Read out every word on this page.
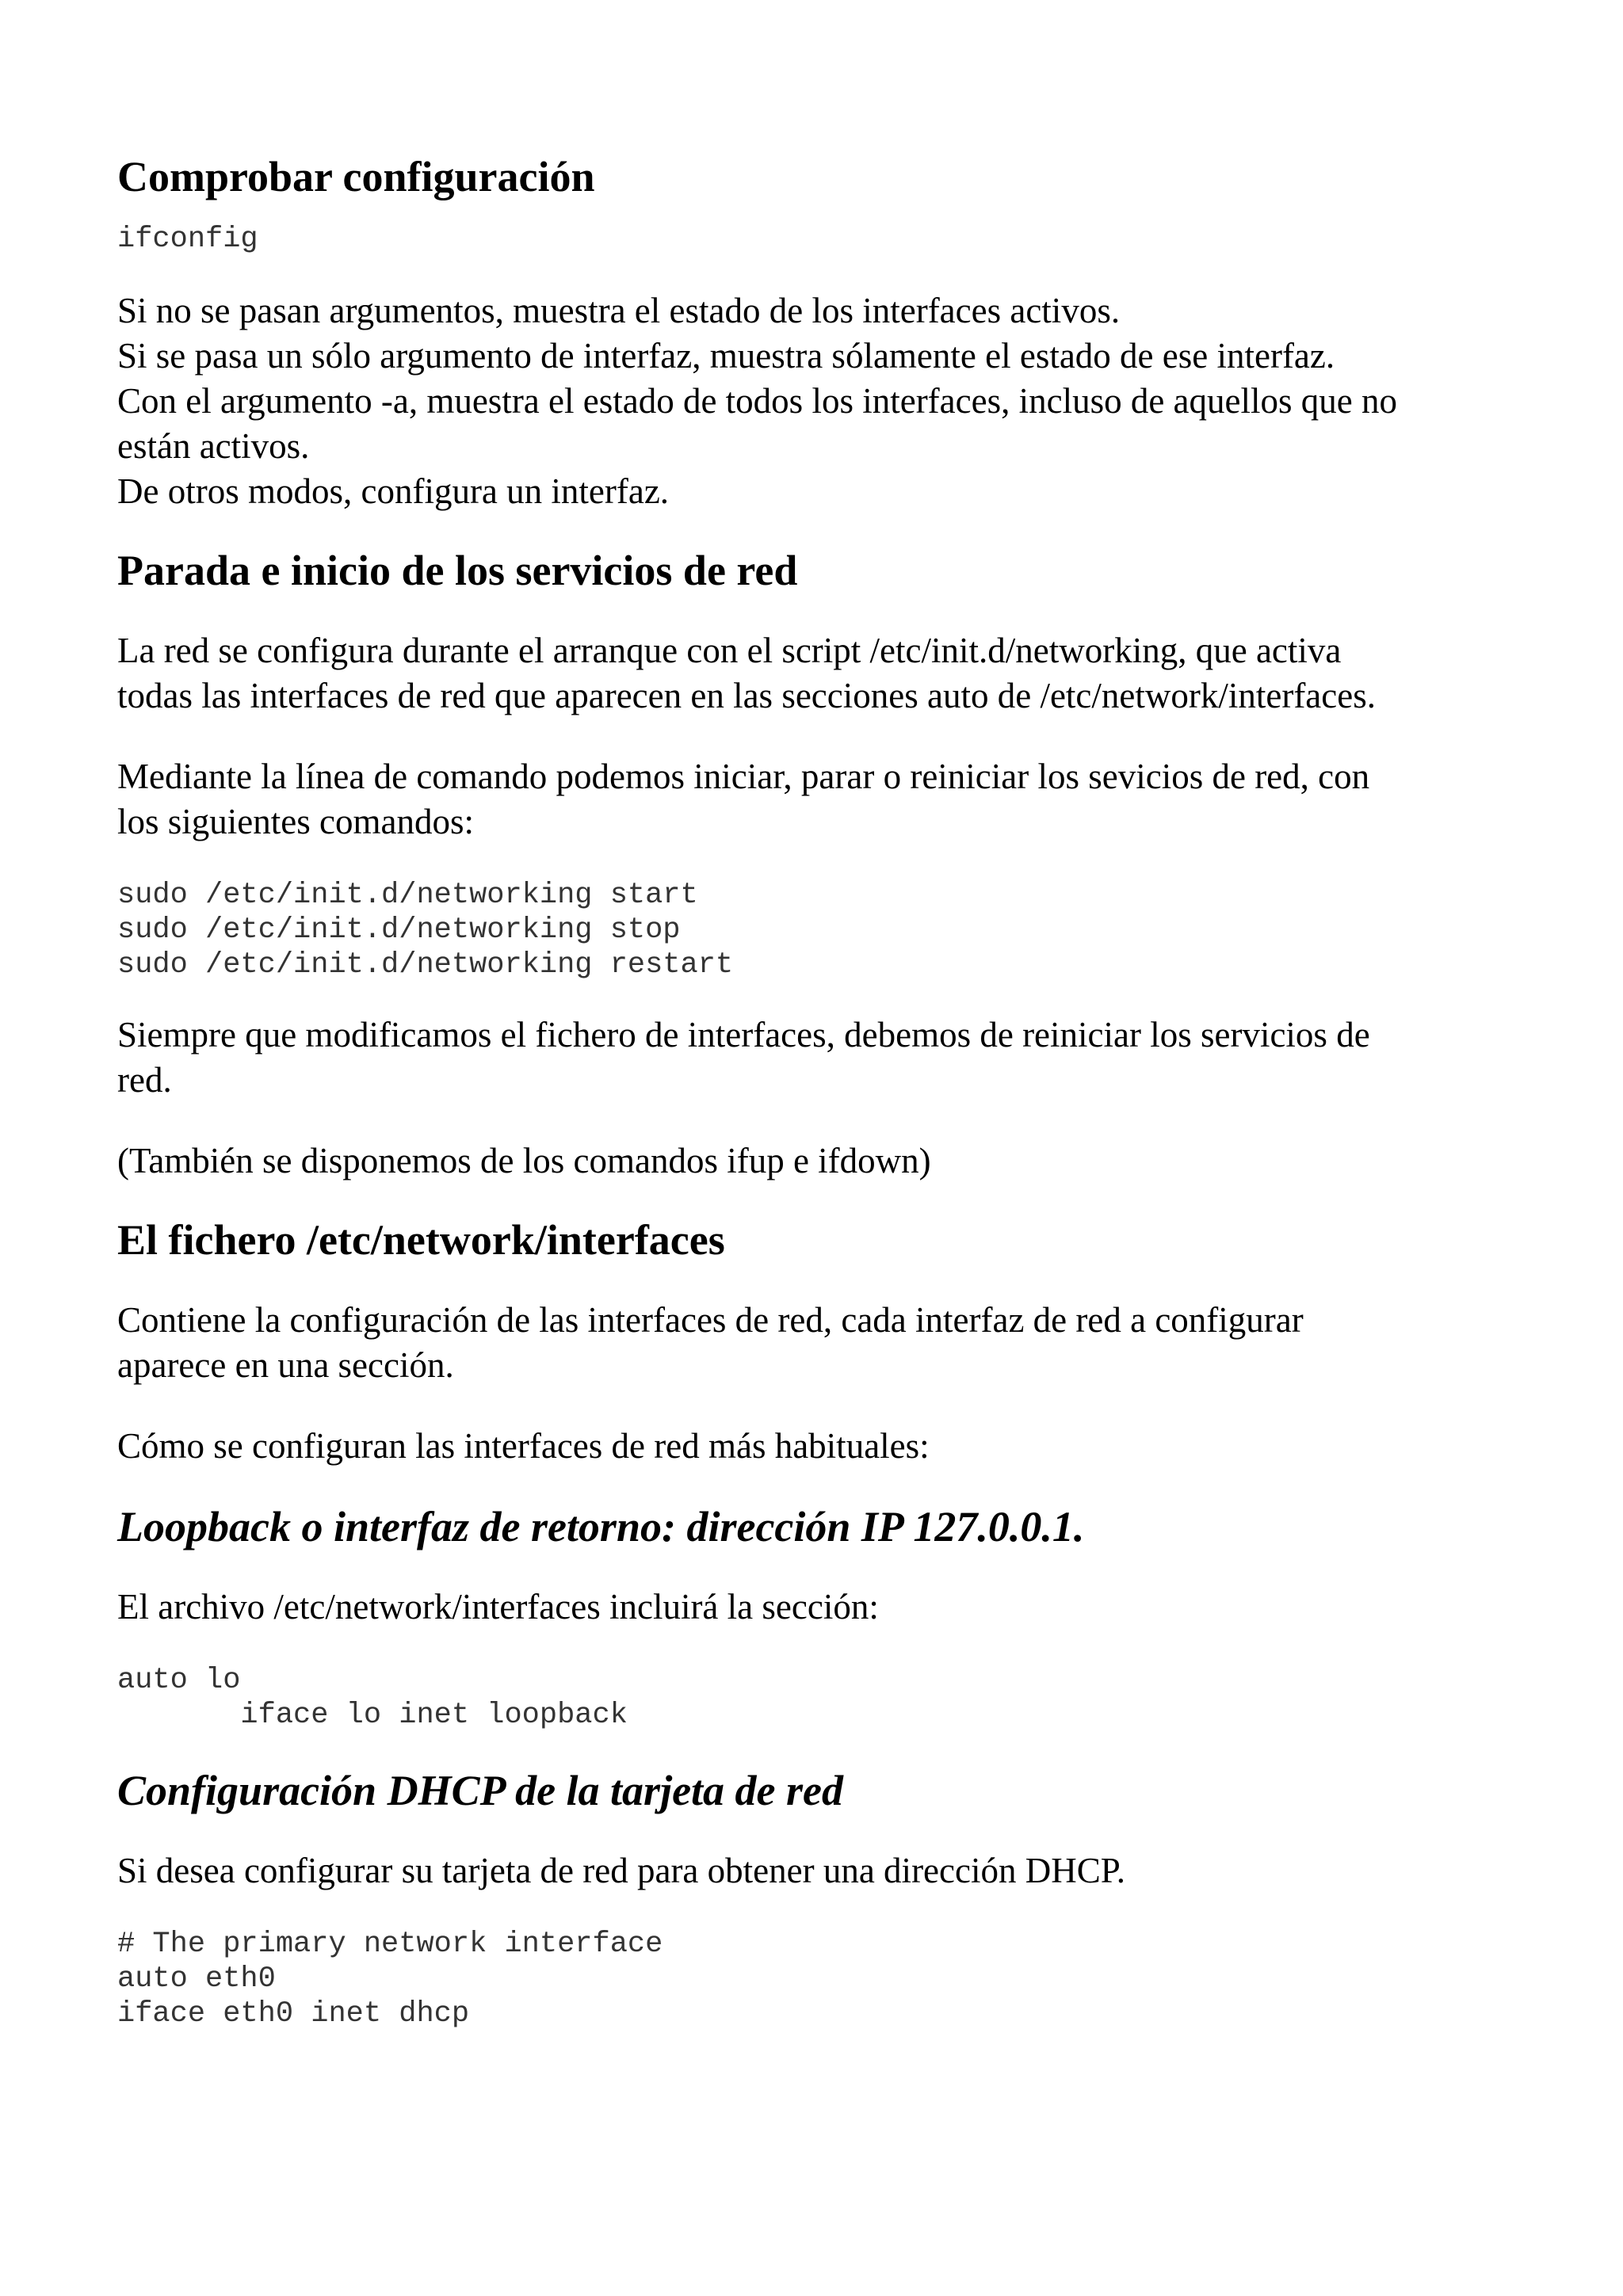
Comprobar configuración
ifconfig
Si no se pasan argumentos, muestra el estado de los interfaces activos.
Si se pasa un sólo argumento de interfaz, muestra sólamente el estado de ese interfaz.
Con el argumento -a, muestra el estado de todos los interfaces, incluso de aquellos que no
están activos.
De otros modos, configura un interfaz.
Parada e inicio de los servicios de red
La red se configura durante el arranque con el script /etc/init.d/networking, que activa
todas las interfaces de red que aparecen en las secciones auto de /etc/network/interfaces.
Mediante la línea de comando podemos iniciar, parar o reiniciar los sevicios de red, con
los siguientes comandos:
sudo /etc/init.d/networking start
sudo /etc/init.d/networking stop
sudo /etc/init.d/networking restart
Siempre que modificamos el fichero de interfaces, debemos de reiniciar los servicios de
red.
(También se disponemos de los comandos ifup e ifdown)
El fichero /etc/network/interfaces
Contiene la configuración de las interfaces de red, cada interfaz de red a configurar
aparece en una sección.
Cómo se configuran las interfaces de red más habituales:
Loopback o interfaz de retorno: dirección IP 127.0.0.1.
El archivo /etc/network/interfaces incluirá la sección:
auto lo
iface lo inet loopback
Configuración DHCP de la tarjeta de red
Si desea configurar su tarjeta de red para obtener una dirección DHCP.
# The primary network interface
auto eth0
iface eth0 inet dhcp
